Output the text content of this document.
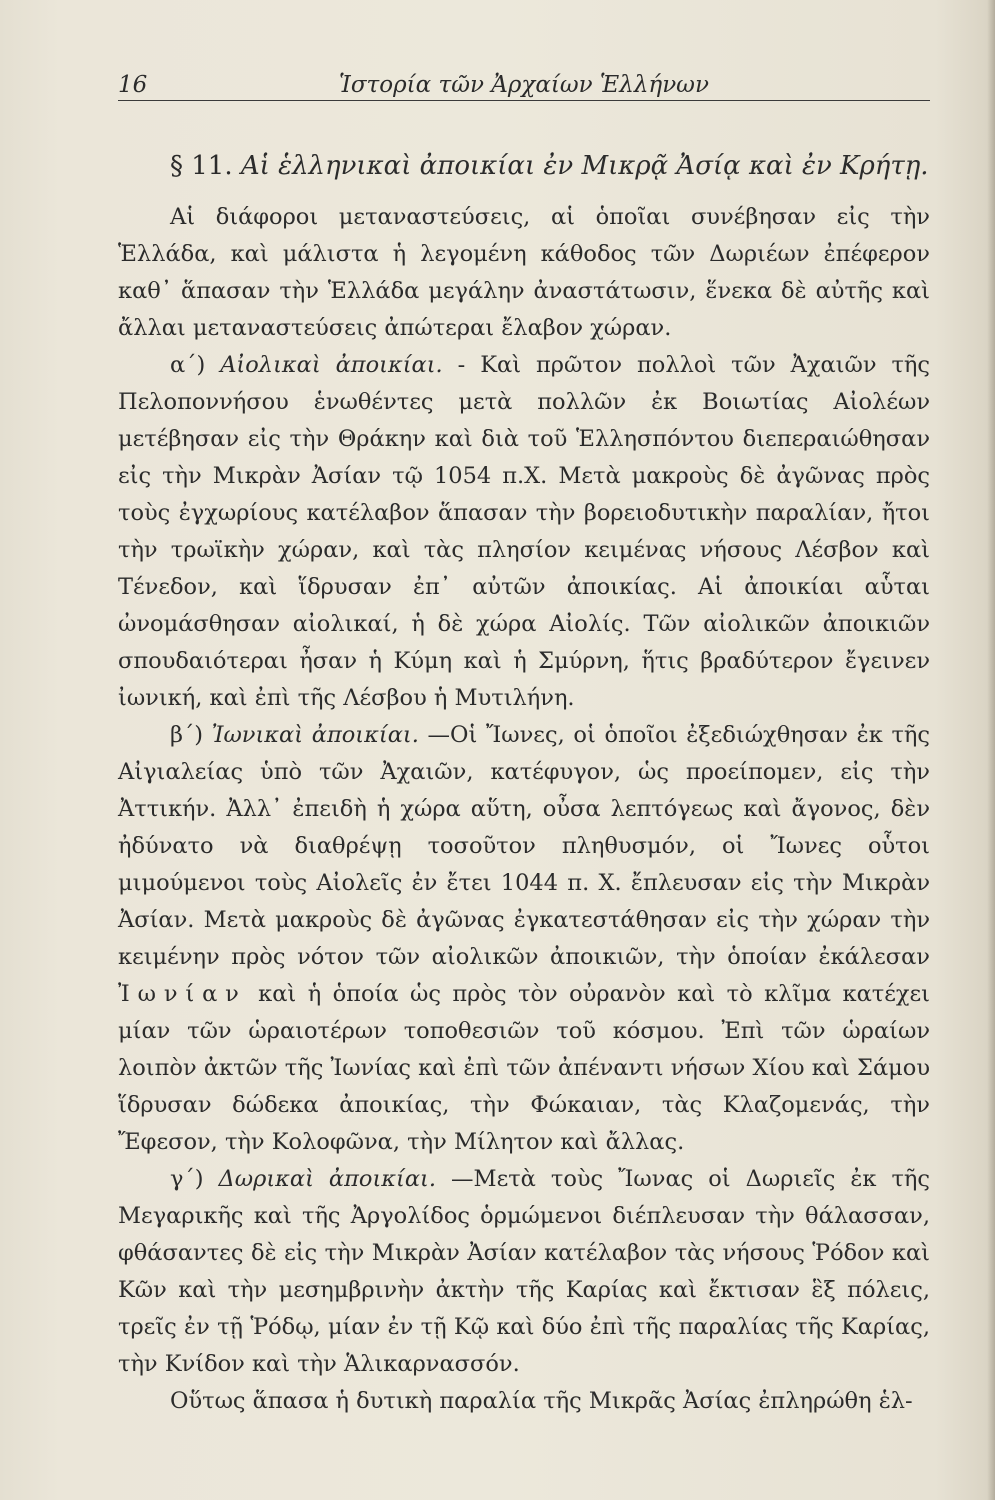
16	Ἱστορία τῶν Ἀρχαίων Ἑλλήνων
§ 11. Αἱ ἑλληνικαὶ ἀποικίαι ἐν Μικρᾷ Ἀσίᾳ καὶ ἐν Κρήτῃ.

Αἱ διάφοροι μεταναστεύσεις, αἱ ὁποῖαι συνέβησαν εἰς τὴν Ἑλλάδα, καὶ μάλιστα ἡ λεγομένη κάθοδος τῶν Δωριέων ἐπέφερον καθ᾽ ἅπασαν τὴν Ἑλλάδα μεγάλην ἀναστάτωσιν, ἕνεκα δὲ αὐτῆς καὶ ἄλλαι μεταναστεύσεις ἀπώτεραι ἔλαβον χώραν.

α΄) Αἰολικαὶ ἀποικίαι. - Καὶ πρῶτον πολλοὶ τῶν Ἀχαιῶν τῆς Πελοποννήσου ἑνωθέντες μετὰ πολλῶν ἐκ Βοιωτίας Αἰολέων μετέβησαν εἰς τὴν Θράκην καὶ διὰ τοῦ Ἑλλησπόντου διεπεραιώθησαν εἰς τὴν Μικρὰν Ἀσίαν τῷ 1054 π.Χ. Μετὰ μακροὺς δὲ ἀγῶνας πρὸς τοὺς ἐγχωρίους κατέλαβον ἅπασαν τὴν βορειοδυτικὴν παραλίαν, ἤτοι τὴν τρωϊκὴν χώραν, καὶ τὰς πλησίον κειμένας νήσους Λέσβον καὶ Τένεδον, καὶ ἵδρυσαν ἐπ᾽ αὐτῶν ἀποικίας. Αἱ ἀποικίαι αὗται ὠνομάσθησαν αἰολικαί, ἡ δὲ χώρα Αἰολίς. Τῶν αἰολικῶν ἀποικιῶν σπουδαιότεραι ἦσαν ἡ Κύμη καὶ ἡ Σμύρνη, ἥτις βραδύτερον ἔγεινεν ἰωνική, καὶ ἐπὶ τῆς Λέσβου ἡ Μυτιλήνη.

β΄) Ἰωνικαὶ ἀποικίαι. —Οἱ Ἴωνες, οἱ ὁποῖοι ἐξεδιώχθησαν ἐκ τῆς Αἰγιαλείας ὑπὸ τῶν Ἀχαιῶν, κατέφυγον, ὡς προείπομεν, εἰς τὴν Ἀττικήν. Ἀλλ᾽ ἐπειδὴ ἡ χώρα αὕτη, οὖσα λεπτόγεως καὶ ἄγονος, δὲν ἠδύνατο νὰ διαθρέψῃ τοσοῦτον πληθυσμόν, οἱ Ἴωνες οὗτοι μιμούμενοι τοὺς Αἰολεῖς ἐν ἔτει 1044 π. Χ. ἔπλευσαν εἰς τὴν Μικρὰν Ἀσίαν. Μετὰ μακροὺς δὲ ἀγῶνας ἐγκατεστάθησαν εἰς τὴν χώραν τὴν κειμένην πρὸς νότον τῶν αἰολικῶν ἀποικιῶν, τὴν ὁποίαν ἐκάλεσαν Ἰωνίαν καὶ ἡ ὁποία ὡς πρὸς τὸν οὐρανὸν καὶ τὸ κλῖμα κατέχει μίαν τῶν ὡραιοτέρων τοποθεσιῶν τοῦ κόσμου. Ἐπὶ τῶν ὡραίων λοιπὸν ἀκτῶν τῆς Ἰωνίας καὶ ἐπὶ τῶν ἀπέναντι νήσων Χίου καὶ Σάμου ἵδρυσαν δώδεκα ἀποικίας, τὴν Φώκαιαν, τὰς Κλαζομενάς, τὴν Ἔφεσον, τὴν Κολοφῶνα, τὴν Μίλητον καὶ ἄλλας.

γ΄) Δωρικαὶ ἀποικίαι. —Μετὰ τοὺς Ἴωνας οἱ Δωριεῖς ἐκ τῆς Μεγαρικῆς καὶ τῆς Ἀργολίδος ὁρμώμενοι διέπλευσαν τὴν θάλασσαν, φθάσαντες δὲ εἰς τὴν Μικρὰν Ἀσίαν κατέλαβον τὰς νήσους Ῥόδον καὶ Κῶν καὶ τὴν μεσημβρινὴν ἀκτὴν τῆς Καρίας καὶ ἔκτισαν ἓξ πόλεις, τρεῖς ἐν τῇ Ῥόδῳ, μίαν ἐν τῇ Κῷ καὶ δύο ἐπὶ τῆς παραλίας τῆς Καρίας, τὴν Κνίδον καὶ τὴν Ἁλικαρνασσόν.

Οὕτως ἅπασα ἡ δυτικὴ παραλία τῆς Μικρᾶς Ἀσίας ἐπληρώθη ἑλ-
